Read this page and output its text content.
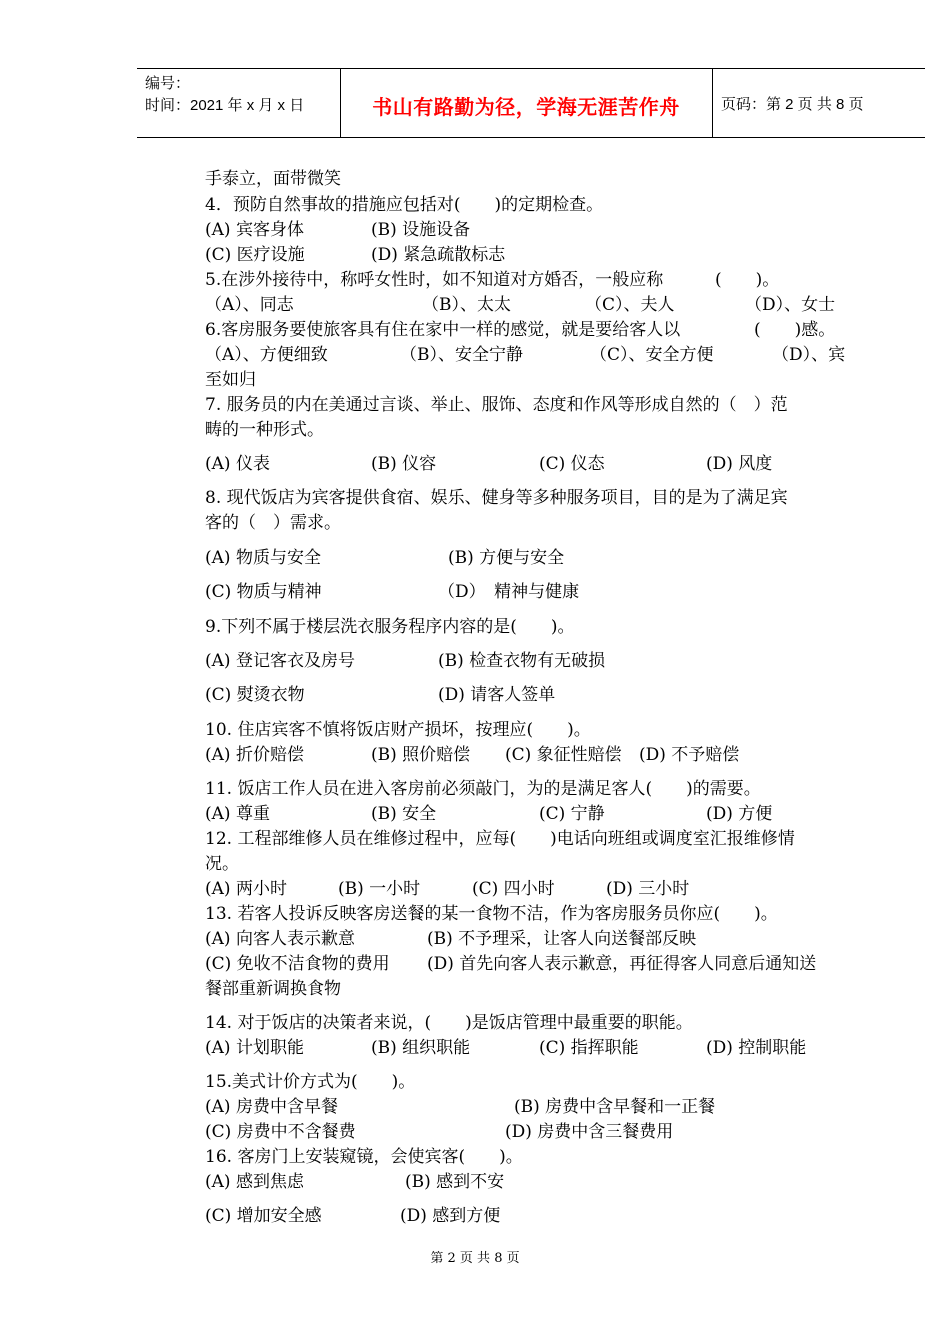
编号：
时间：2021 年 x 月 x 日	书山有路勤为径，学海无涯苦作舟	页码：第 2 页 共 8 页
手泰立，面带微笑
4．预防自然事故的措施应包括对(　　)的定期检查。
(A) 宾客身体	(B) 设施设备
(C) 医疗设施	(D) 紧急疏散标志
5.在涉外接待中，称呼女性时，如不知道对方婚否，一般应称	(　　)。
（A）、同志	（B）、太太	（C）、夫人	（D）、女士
6.客房服务要使旅客具有住在家中一样的感觉，就是要给客人以	(　　)感。
（A）、方便细致	（B）、安全宁静	（C）、安全方便	（D）、宾
至如归
7. 服务员的内在美通过言谈、举止、服饰、态度和作风等形成自然的（　）范
畴的一种形式。
(A) 仪表	(B) 仪容	(C) 仪态	(D) 风度
8. 现代饭店为宾客提供食宿、娱乐、健身等多种服务项目，目的是为了满足宾
客的（　）需求。
(A) 物质与安全	(B) 方便与安全
(C) 物质与精神	（D）　精神与健康
9.下列不属于楼层洗衣服务程序内容的是(　　)。
(A) 登记客衣及房号	(B) 检查衣物有无破损
(C) 熨烫衣物	(D) 请客人签单
10. 住店宾客不慎将饭店财产损坏，按理应(　　)。
(A) 折价赔偿	(B) 照价赔偿 (C) 象征性赔偿 (D) 不予赔偿
11. 饭店工作人员在进入客房前必须敲门，为的是满足客人(　　)的需要。
(A) 尊重	(B) 安全	(C) 宁静	(D) 方便
12. 工程部维修人员在维修过程中，应每(　　)电话向班组或调度室汇报维修情
况。
(A) 两小时	(B) 一小时	(C) 四小时	(D) 三小时
13. 若客人投诉反映客房送餐的某一食物不洁，作为客房服务员你应(　　)。
(A) 向客人表示歉意	(B) 不予理采，让客人向送餐部反映
(C) 免收不洁食物的费用 (D) 首先向客人表示歉意，再征得客人同意后通知送
餐部重新调换食物
14. 对于饭店的决策者来说，(　　)是饭店管理中最重要的职能。
(A) 计划职能	(B) 组织职能	(C) 指挥职能	(D) 控制职能
15.美式计价方式为(　　)。
(A) 房费中含早餐	(B) 房费中含早餐和一正餐
(C) 房费中不含餐费	(D) 房费中含三餐费用
16. 客房门上安装窥镜，会使宾客(　　)。
(A) 感到焦虑	(B) 感到不安
(C) 增加安全感	(D) 感到方便
第 2 页 共 8 页
